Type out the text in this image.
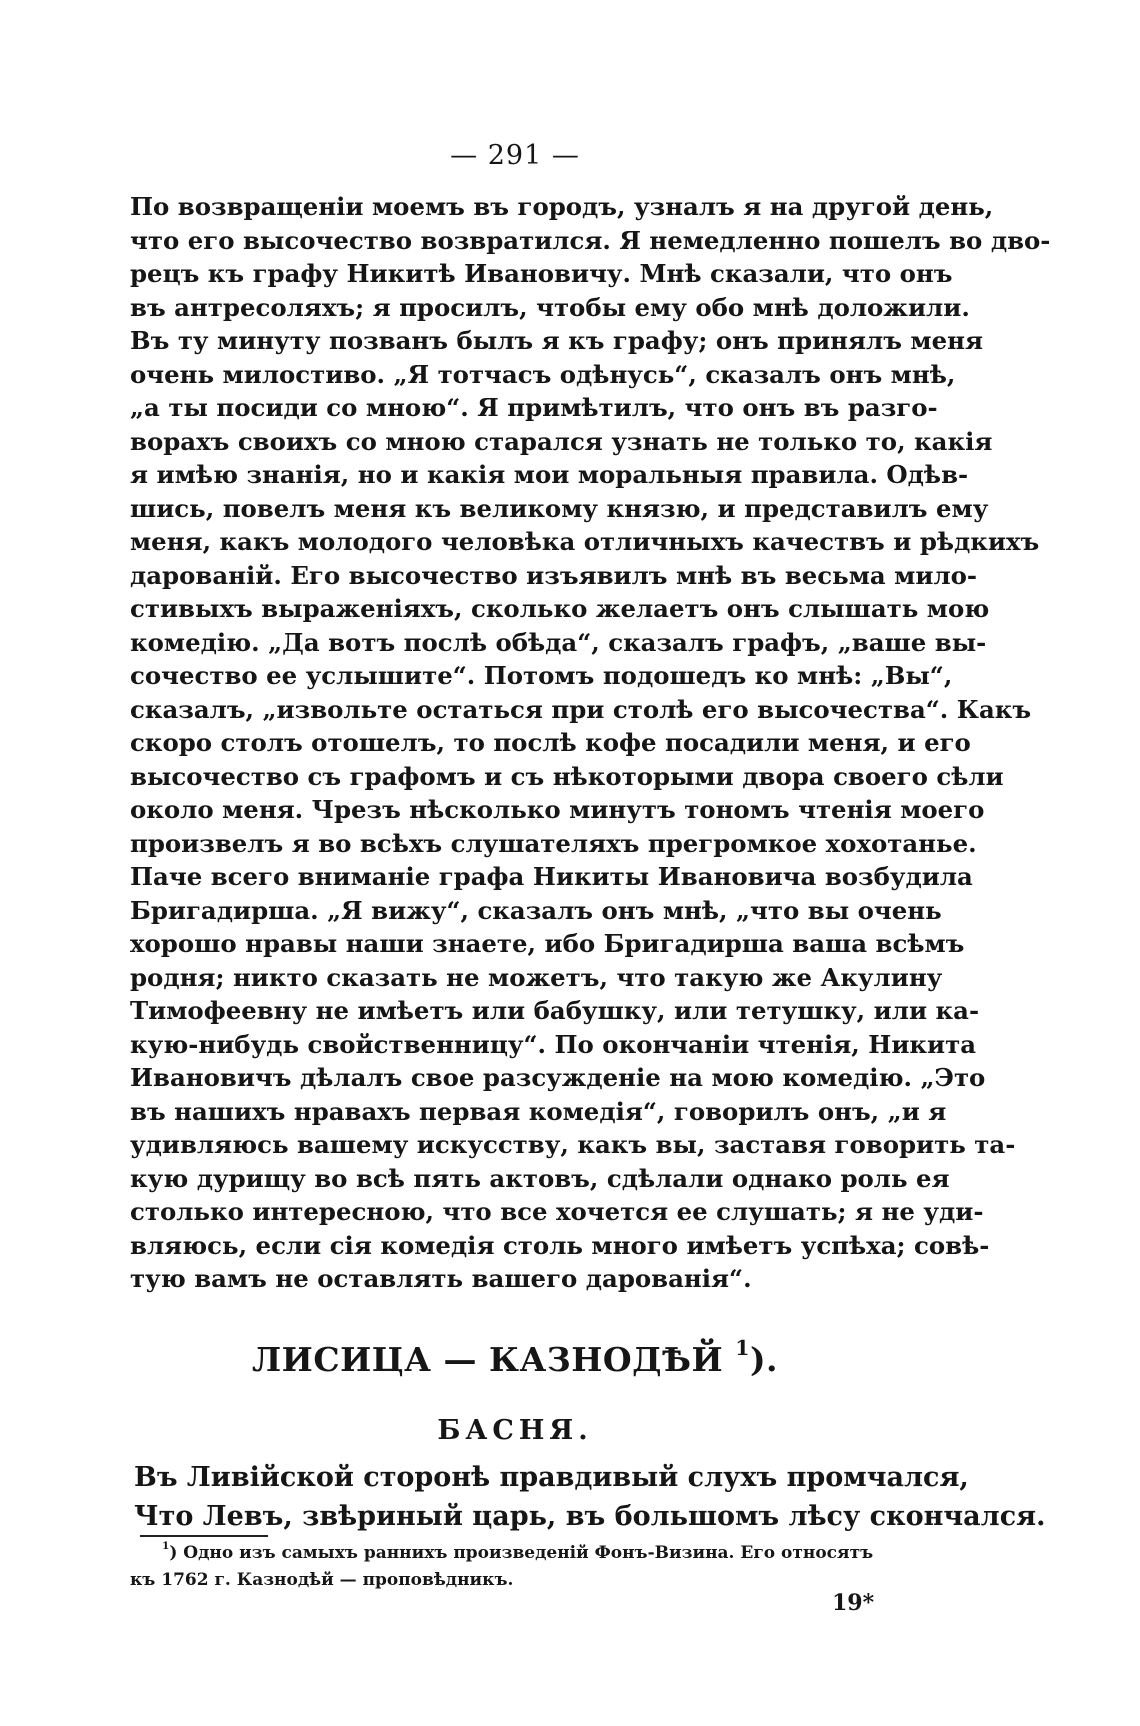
— 291 —
По возвращеніи моемъ въ городъ, узналъ я на другой день,
что его высочество возвратился. Я немедленно пошелъ во дво-
рецъ къ графу Никитѣ Ивановичу. Мнѣ сказали, что онъ
въ антресоляхъ; я просилъ, чтобы ему обо мнѣ доложили.
Въ ту минуту позванъ былъ я къ графу; онъ принялъ меня
очень милостиво. „Я тотчасъ одѣнусь“, сказалъ онъ мнѣ,
„а ты посиди со мною“. Я примѣтилъ, что онъ въ разго-
ворахъ своихъ со мною старался узнать не только то, какія
я имѣю знанія, но и какія мои моральныя правила. Одѣв-
шись, повелъ меня къ великому князю, и представилъ ему
меня, какъ молодого человѣка отличныхъ качествъ и рѣдкихъ
дарованій. Его высочество изъявилъ мнѣ въ весьма мило-
стивыхъ выраженіяхъ, сколько желаетъ онъ слышать мою
комедію. „Да вотъ послѣ обѣда“, сказалъ графъ, „ваше вы-
сочество ее услышите“. Потомъ подошедъ ко мнѣ: „Вы“,
сказалъ, „извольте остаться при столѣ его высочества“. Какъ
скоро столъ отошелъ, то послѣ кофе посадили меня, и его
высочество съ графомъ и съ нѣкоторыми двора своего сѣли
около меня. Чрезъ нѣсколько минутъ тономъ чтенія моего
произвелъ я во всѣхъ слушателяхъ прегромкое хохотанье.
Паче всего вниманіе графа Никиты Ивановича возбудила
Бригадирша. „Я вижу“, сказалъ онъ мнѣ, „что вы очень
хорошо нравы наши знаете, ибо Бригадирша ваша всѣмъ
родня; никто сказать не можетъ, что такую же Акулину
Тимофеевну не имѣетъ или бабушку, или тетушку, или ка-
кую-нибудь свойственницу“. По окончаніи чтенія, Никита
Ивановичъ дѣлалъ свое разсужденіе на мою комедію. „Это
въ нашихъ нравахъ первая комедія“, говорилъ онъ, „и я
удивляюсь вашему искусству, какъ вы, заставя говорить та-
кую дурищу во всѣ пять актовъ, сдѣлали однако роль ея
столько интересною, что все хочется ее слушать; я не уди-
вляюсь, если сія комедія столь много имѣетъ успѣха; совѣ-
тую вамъ не оставлять вашего дарованія“.
ЛИСИЦА — КАЗНОДѢЙ $^1$).
БАСНЯ.
Въ Ливійской сторонѣ правдивый слухъ промчался,
Что Левъ, звѣриный царь, въ большомъ лѣсу скончался.
$^1$) Одно изъ самыхъ раннихъ произведеній Фонъ-Визина. Его относятъ
къ 1762 г. Казнодѣй — проповѣдникъ.
19*
